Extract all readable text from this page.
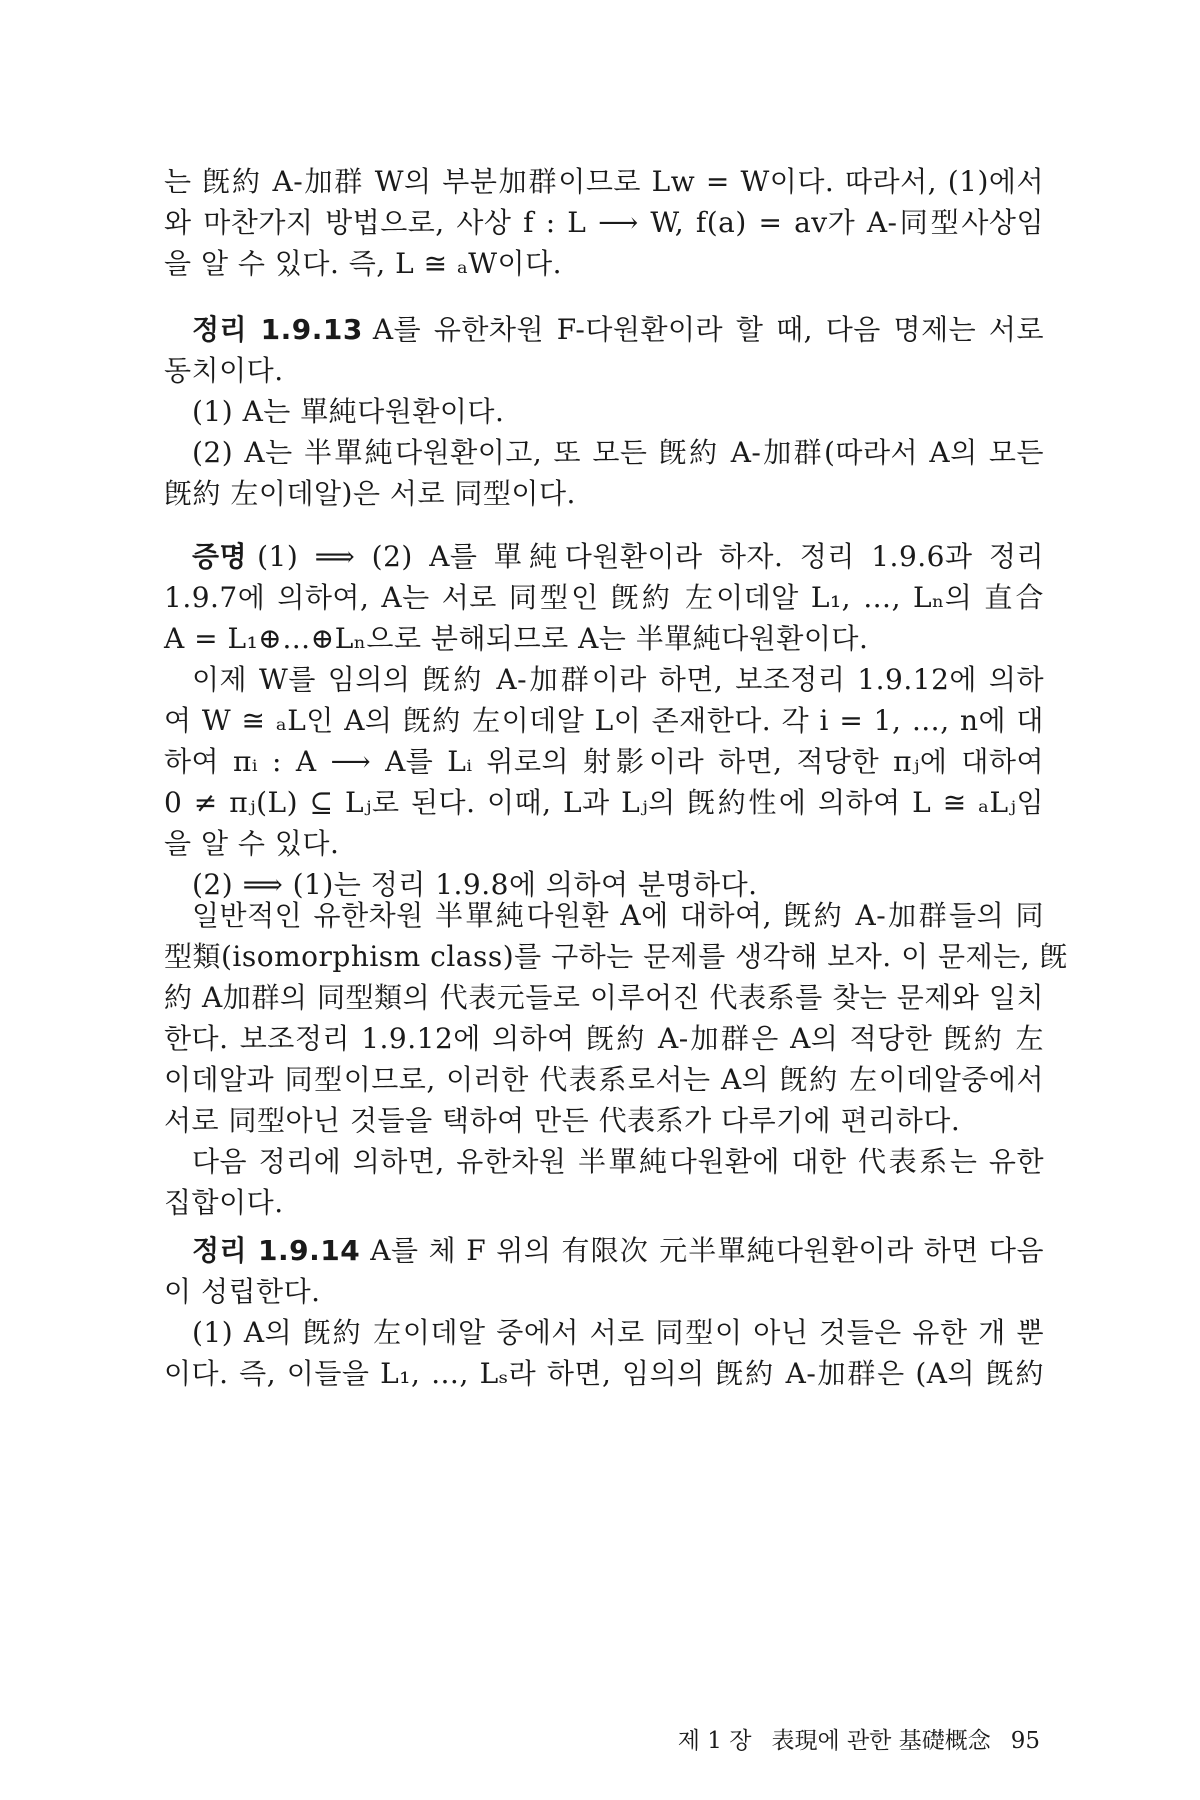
는 旣約 A-加群 W의 부분加群이므로 Lw = W이다. 따라서, (1)에서
와 마찬가지 방법으로, 사상 f : L ⟶ W, f(a) = av가 A-同型사상임
을 알 수 있다. 즉, L ≅ ₐW이다.
정리 1.9.13 A를 유한차원 F-다원환이라 할 때, 다음 명제는 서로
동치이다.
(1) A는 單純다원환이다.
(2) A는 半單純다원환이고, 또 모든 旣約 A-加群(따라서 A의 모든
旣約 左이데알)은 서로 同型이다.
증명 (1) ⟹ (2) A를 單純다원환이라 하자. 정리 1.9.6과 정리
1.9.7에 의하여, A는 서로 同型인 旣約 左이데알 L₁, …, Lₙ의 直合
A = L₁⊕…⊕Lₙ으로 분해되므로 A는 半單純다원환이다.
이제 W를 임의의 旣約 A-加群이라 하면, 보조정리 1.9.12에 의하
여 W ≅ ₐL인 A의 旣約 左이데알 L이 존재한다. 각 i = 1, …, n에 대
하여 πᵢ : A ⟶ A를 Lᵢ 위로의 射影이라 하면, 적당한 πⱼ에 대하여
0 ≠ πⱼ(L) ⊆ Lⱼ로 된다. 이때, L과 Lⱼ의 旣約性에 의하여 L ≅ ₐLⱼ임
을 알 수 있다.
(2) ⟹ (1)는 정리 1.9.8에 의하여 분명하다.
일반적인 유한차원 半單純다원환 A에 대하여, 旣約 A-加群들의 同
型類(isomorphism class)를 구하는 문제를 생각해 보자. 이 문제는, 旣
約 A加群의 同型類의 代表元들로 이루어진 代表系를 찾는 문제와 일치
한다. 보조정리 1.9.12에 의하여 旣約 A-加群은 A의 적당한 旣約 左
이데알과 同型이므로, 이러한 代表系로서는 A의 旣約 左이데알중에서
서로 同型아닌 것들을 택하여 만든 代表系가 다루기에 편리하다.
다음 정리에 의하면, 유한차원 半單純다원환에 대한 代表系는 유한
집합이다.
정리 1.9.14 A를 체 F 위의 有限次 元半單純다원환이라 하면 다음
이 성립한다.
(1) A의 旣約 左이데알 중에서 서로 同型이 아닌 것들은 유한 개 뿐
이다. 즉, 이들을 L₁, …, Lₛ라 하면, 임의의 旣約 A-加群은 (A의 旣約
제 1 장 表現에 관한 基礎概念 95
